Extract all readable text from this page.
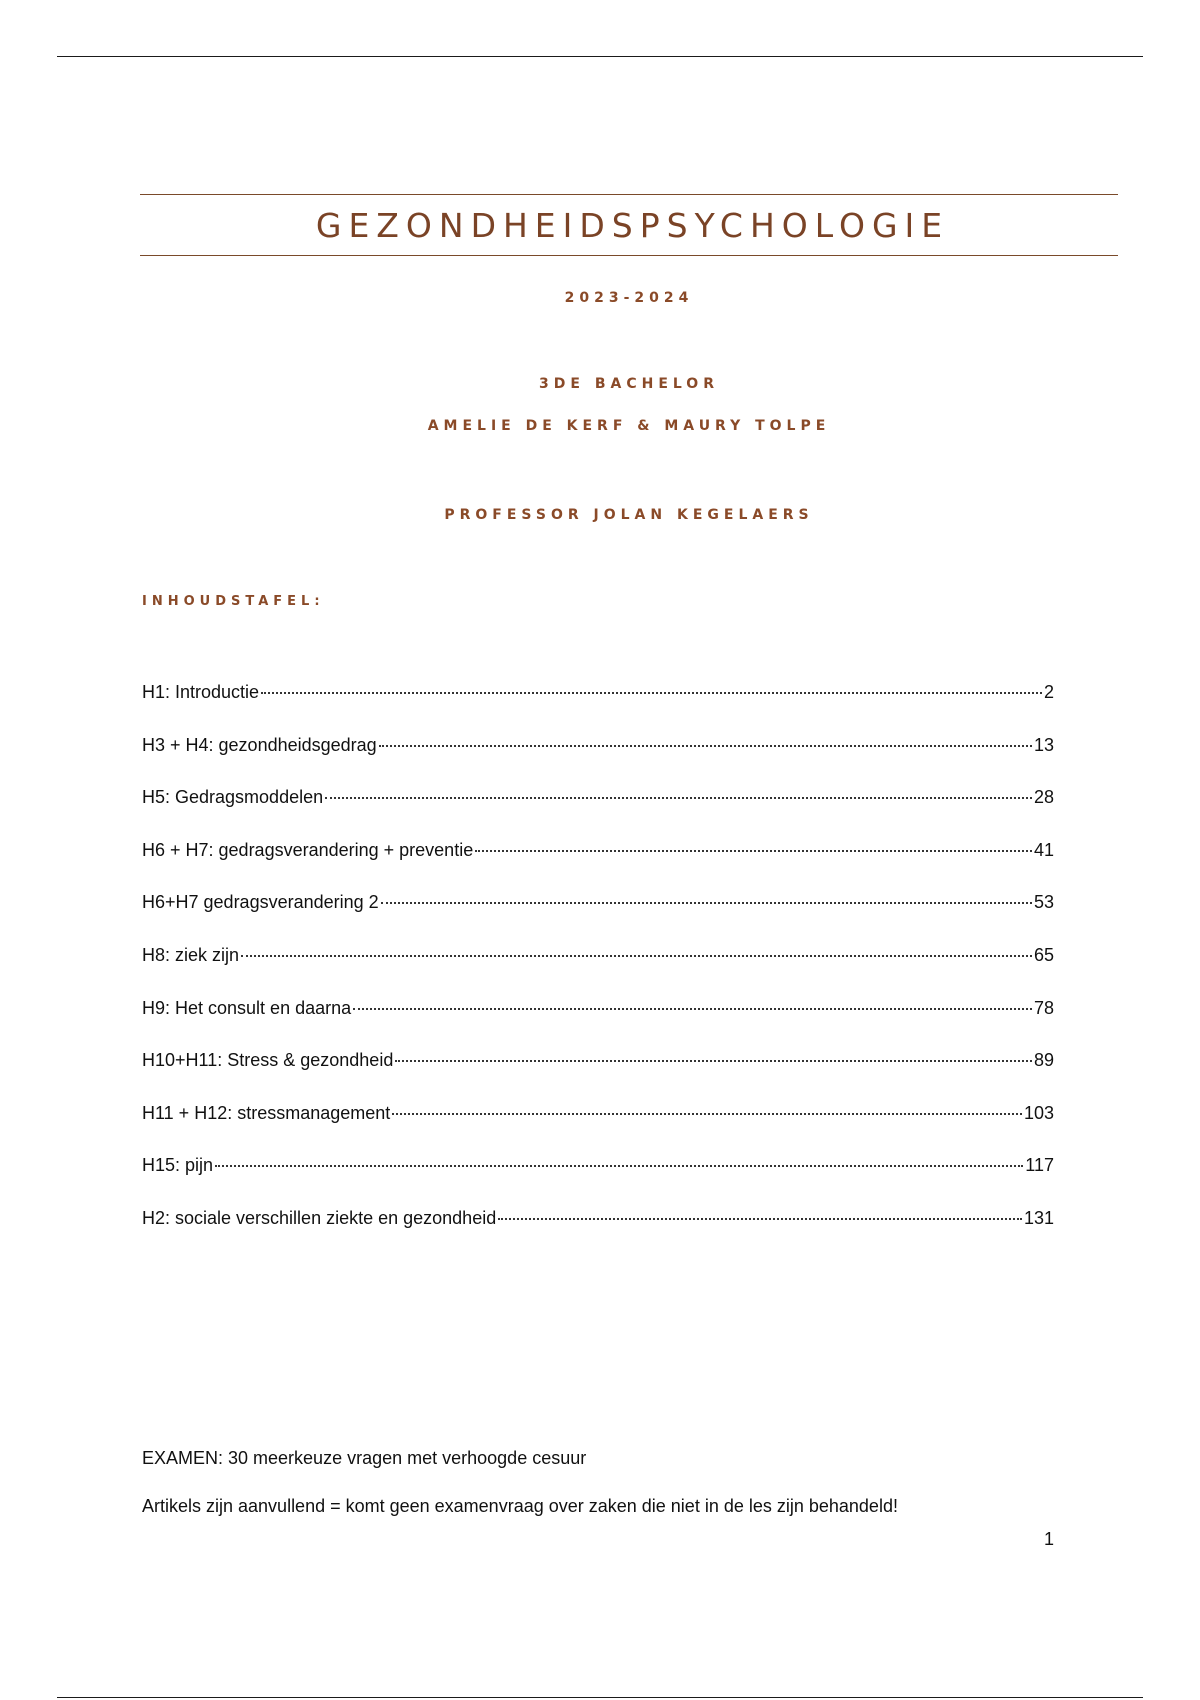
GEZONDHEIDSPSYCHOLOGIE
2023-2024
3DE BACHELOR
AMELIE DE KERF & MAURY TOLPE
PROFESSOR JOLAN KEGELAERS
INHOUDSTAFEL:
H1: Introductie	2
H3 + H4: gezondheidsgedrag	13
H5: Gedragsmoddelen	28
H6 + H7: gedragsverandering + preventie	41
H6+H7 gedragsverandering 2	53
H8: ziek zijn	65
H9: Het consult en daarna	78
H10+H11: Stress & gezondheid	89
H11 + H12: stressmanagement	103
H15: pijn	117
H2: sociale verschillen ziekte en gezondheid	131

EXAMEN: 30 meerkeuze vragen met verhoogde cesuur

Artikels zijn aanvullend = komt geen examenvraag over zaken die niet in de les zijn behandeld!

1
